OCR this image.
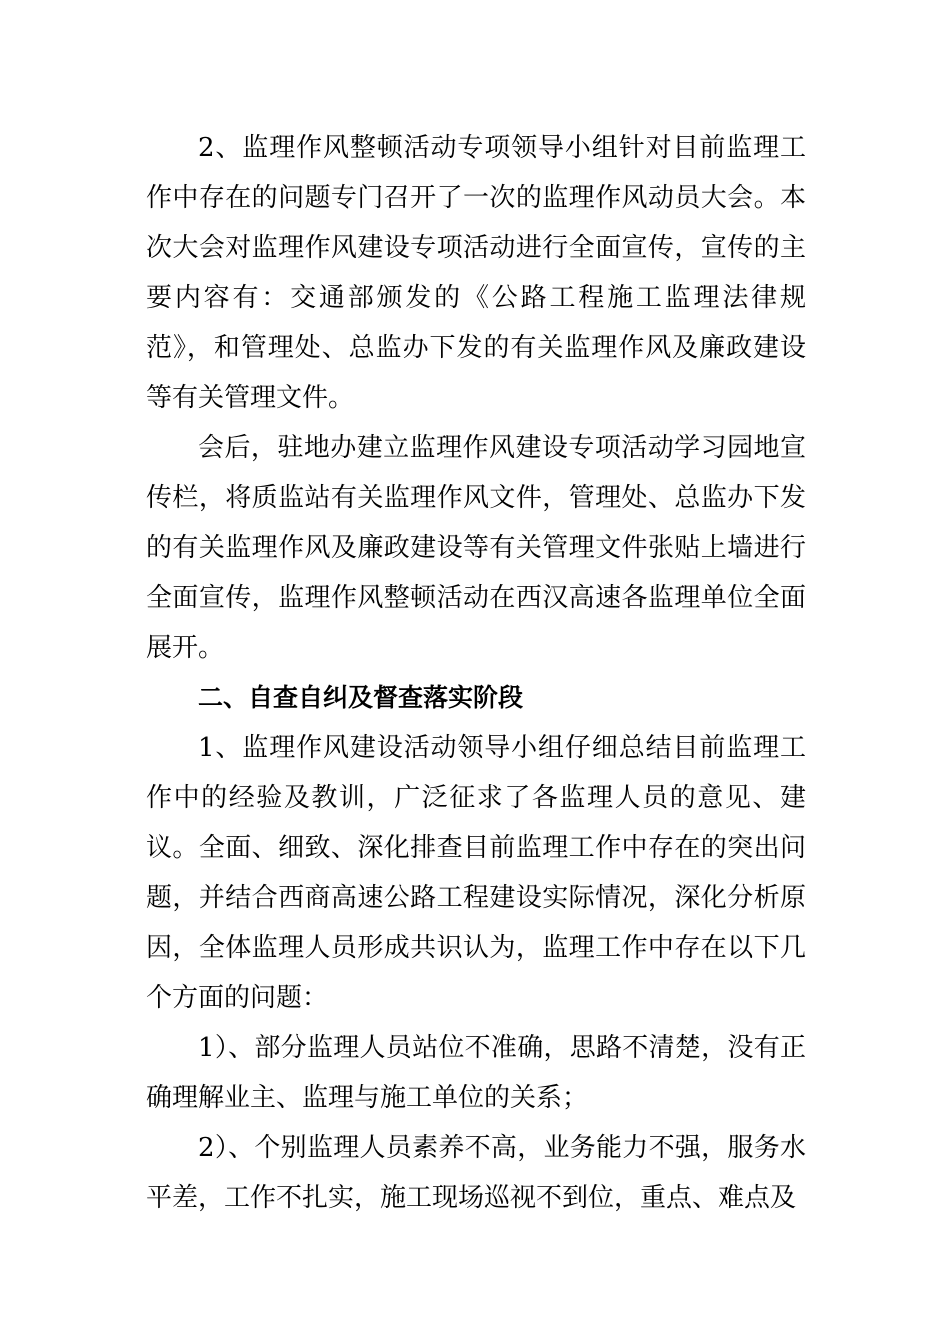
2、监理作风整顿活动专项领导小组针对目前监理工作中存在的问题专门召开了一次的监理作风动员大会。本次大会对监理作风建设专项活动进行全面宣传，宣传的主要内容有：交通部颁发的《公路工程施工监理法律规范》，和管理处、总监办下发的有关监理作风及廉政建设等有关管理文件。

会后，驻地办建立监理作风建设专项活动学习园地宣传栏，将质监站有关监理作风文件，管理处、总监办下发的有关监理作风及廉政建设等有关管理文件张贴上墙进行全面宣传，监理作风整顿活动在西汉高速各监理单位全面展开。

二、自查自纠及督查落实阶段

1、监理作风建设活动领导小组仔细总结目前监理工作中的经验及教训，广泛征求了各监理人员的意见、建议。全面、细致、深化排查目前监理工作中存在的突出问题，并结合西商高速公路工程建设实际情况，深化分析原因，全体监理人员形成共识认为，监理工作中存在以下几个方面的问题：

1）、部分监理人员站位不准确，思路不清楚，没有正确理解业主、监理与施工单位的关系；

2）、个别监理人员素养不高，业务能力不强，服务水平差，工作不扎实，施工现场巡视不到位，重点、难点及
